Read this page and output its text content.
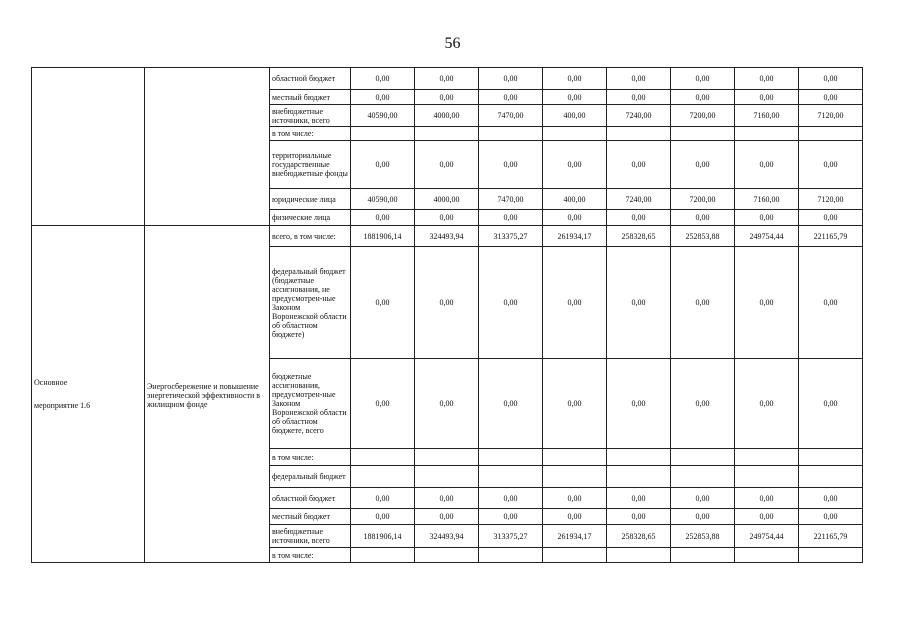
56
		областной бюджет	0,00	0,00	0,00	0,00	0,00	0,00	0,00	0,00
		местный бюджет	0,00	0,00	0,00	0,00	0,00	0,00	0,00	0,00
		внебюджетные источники, всего	40590,00	4000,00	7470,00	400,00	7240,00	7200,00	7160,00	7120,00
		в том числе:								
		территориальные государственные внебюджетные фонды	0,00	0,00	0,00	0,00	0,00	0,00	0,00	0,00
		юридические лица	40590,00	4000,00	7470,00	400,00	7240,00	7200,00	7160,00	7120,00
		физические лица	0,00	0,00	0,00	0,00	0,00	0,00	0,00	0,00

Основное
мероприятие 1.6	Энергосбережение и повышение энергетической эффективности в жилищном фонде	всего, в том числе:	1881906,14	324493,94	313375,27	261934,17	258328,65	252853,88	249754,44	221165,79
		федеральный бюджет (бюджетные ассигнования, не предусмотрен-ные Законом Воронежской области об областном бюджете)	0,00	0,00	0,00	0,00	0,00	0,00	0,00	0,00
		бюджетные ассигнования, предусмотрен-ные Законом Воронежской области об областном бюджете, всего	0,00	0,00	0,00	0,00	0,00	0,00	0,00	0,00
		в том числе:								
		федеральный бюджет								
		областной бюджет	0,00	0,00	0,00	0,00	0,00	0,00	0,00	0,00
		местный бюджет	0,00	0,00	0,00	0,00	0,00	0,00	0,00	0,00
		внебюджетные источники, всего	1881906,14	324493,94	313375,27	261934,17	258328,65	252853,88	249754,44	221165,79
		в том числе:								
